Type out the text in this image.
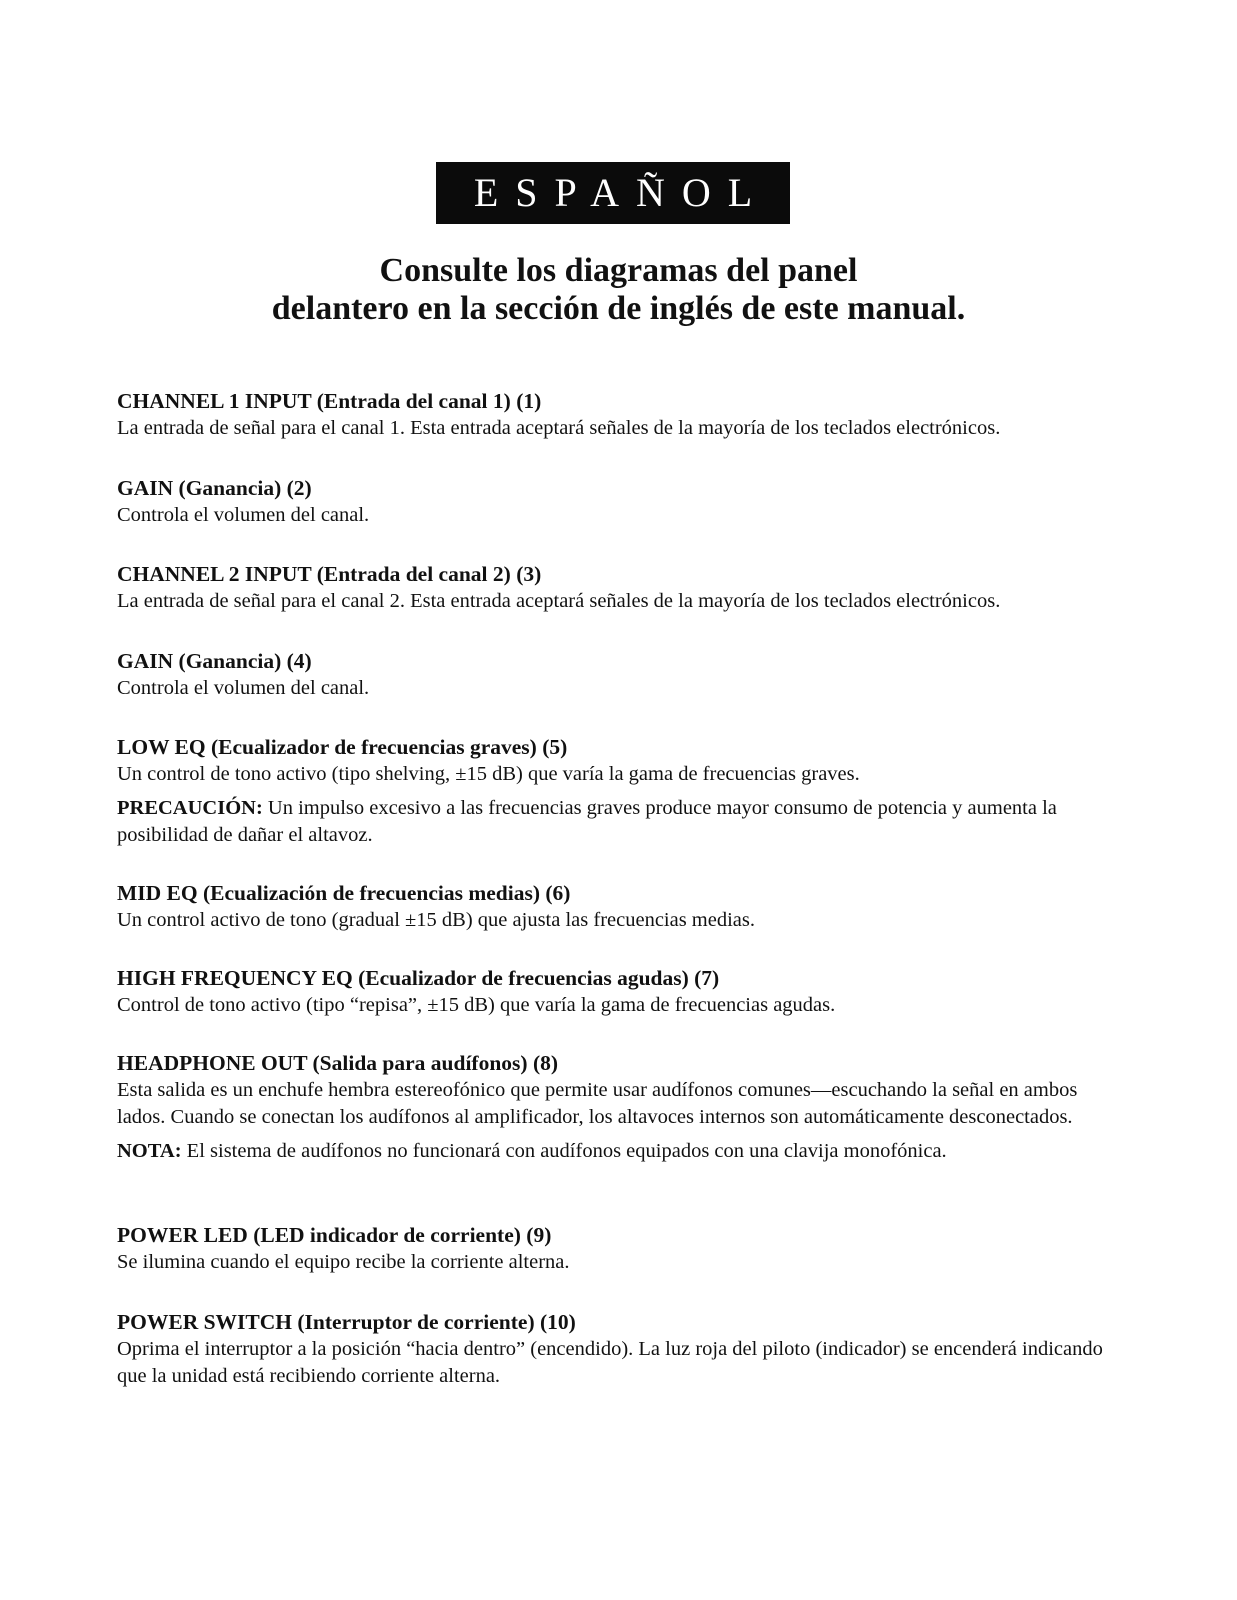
ESPAÑOL
Consulte los diagramas del panel
delantero en la sección de inglés de este manual.
CHANNEL 1 INPUT (Entrada del canal 1) (1)

La entrada de señal para el canal 1. Esta entrada aceptará señales de la mayoría de los teclados electrónicos.

GAIN (Ganancia) (2)

Controla el volumen del canal.

CHANNEL 2 INPUT (Entrada del canal 2) (3)

La entrada de señal para el canal 2. Esta entrada aceptará señales de la mayoría de los teclados electrónicos.

GAIN (Ganancia) (4)

Controla el volumen del canal.

LOW EQ (Ecualizador de frecuencias graves) (5)

Un control de tono activo (tipo shelving, ±15 dB) que varía la gama de frecuencias graves.

PRECAUCIÓN: Un impulso excesivo a las frecuencias graves produce mayor consumo de potencia y aumenta la posibilidad de dañar el altavoz.

MID EQ (Ecualización de frecuencias medias) (6)

Un control activo de tono (gradual ±15 dB) que ajusta las frecuencias medias.

HIGH FREQUENCY EQ (Ecualizador de frecuencias agudas) (7)

Control de tono activo (tipo “repisa”, ±15 dB) que varía la gama de frecuencias agudas.

HEADPHONE OUT (Salida para audífonos) (8)

Esta salida es un enchufe hembra estereofónico que permite usar audífonos comunes—escuchando la señal en ambos lados. Cuando se conectan los audífonos al amplificador, los altavoces internos son automáticamente desconectados.

NOTA: El sistema de audífonos no funcionará con audífonos equipados con una clavija monofónica.

POWER LED (LED indicador de corriente) (9)

Se ilumina cuando el equipo recibe la corriente alterna.

POWER SWITCH (Interruptor de corriente) (10)

Oprima el interruptor a la posición “hacia dentro” (encendido). La luz roja del piloto (indicador) se encenderá indicando que la unidad está recibiendo corriente alterna.
